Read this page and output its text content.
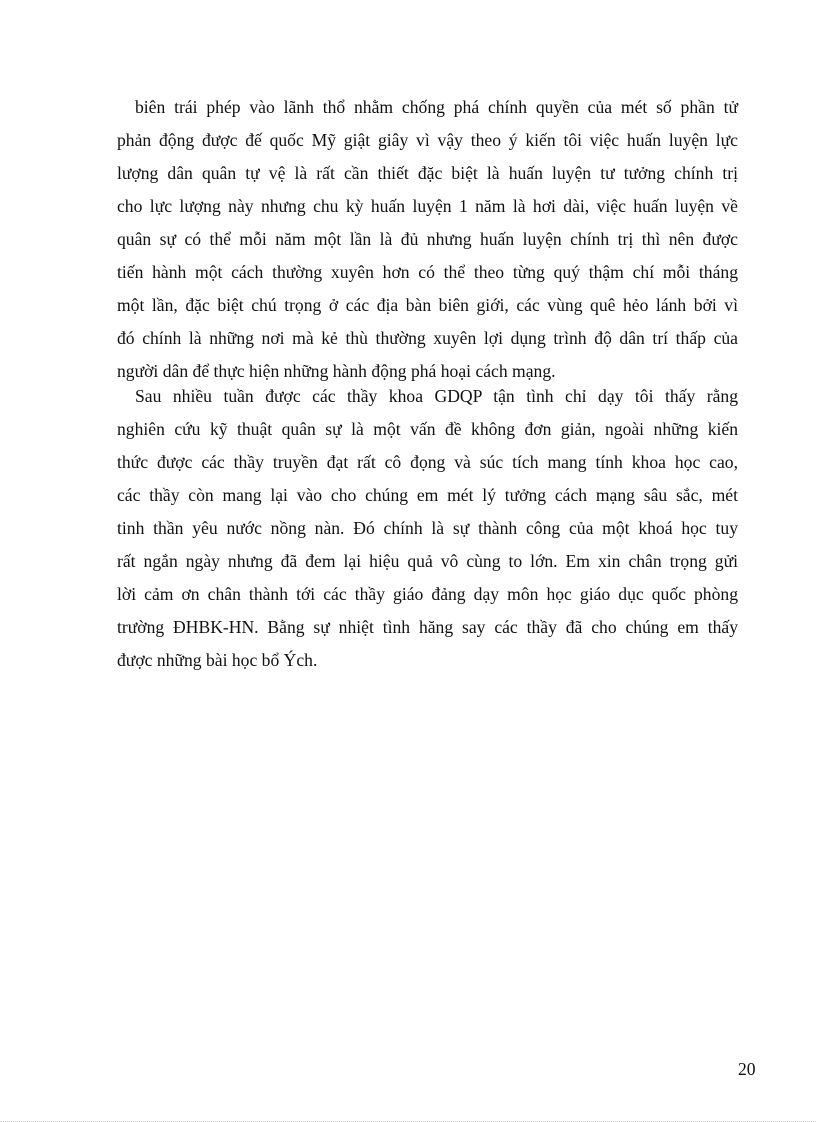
biên trái phép vào lãnh thổ nhằm chống phá chính quyền của mét số phần tử
phản động được đế quốc Mỹ giật giây vì vậy theo ý kiến tôi việc huấn luyện lực
lượng dân quân tự vệ là rất cần thiết đặc biệt là huấn luyện tư tưởng chính trị
cho lực lượng này nhưng chu kỳ huấn luyện 1 năm là hơi dài, việc huấn luyện về
quân sự có thể mỗi năm một lần là đủ nhưng huấn luyện chính trị thì nên được
tiến hành một cách thường xuyên hơn có thể theo từng quý thậm chí mỗi tháng
một lần, đặc biệt chú trọng ở các địa bàn biên giới, các vùng quê hẻo lánh bởi vì
đó chính là những nơi mà kẻ thù thường xuyên lợi dụng trình độ dân trí thấp của
người dân để thực hiện những hành động phá hoại cách mạng.
Sau nhiều tuần được các thầy khoa GDQP tận tình chỉ dạy tôi thấy rằng
nghiên cứu kỹ thuật quân sự là một vấn đề không đơn giản, ngoài những kiến
thức được các thầy truyền đạt rất cô đọng và súc tích mang tính khoa học cao,
các thầy còn mang lại vào cho chúng em mét lý tưởng cách mạng sâu sắc, mét
tinh thần yêu nước nồng nàn. Đó chính là sự thành công của một khoá học tuy
rất ngắn ngày nhưng đã đem lại hiệu quả vô cùng to lớn. Em xin chân trọng gửi
lời cảm ơn chân thành tới các thầy giáo đảng dạy môn học giáo dục quốc phòng
trường ĐHBK-HN. Bằng sự nhiệt tình hăng say các thầy đã cho chúng em thấy
được những bài học bổ Ých.
20
